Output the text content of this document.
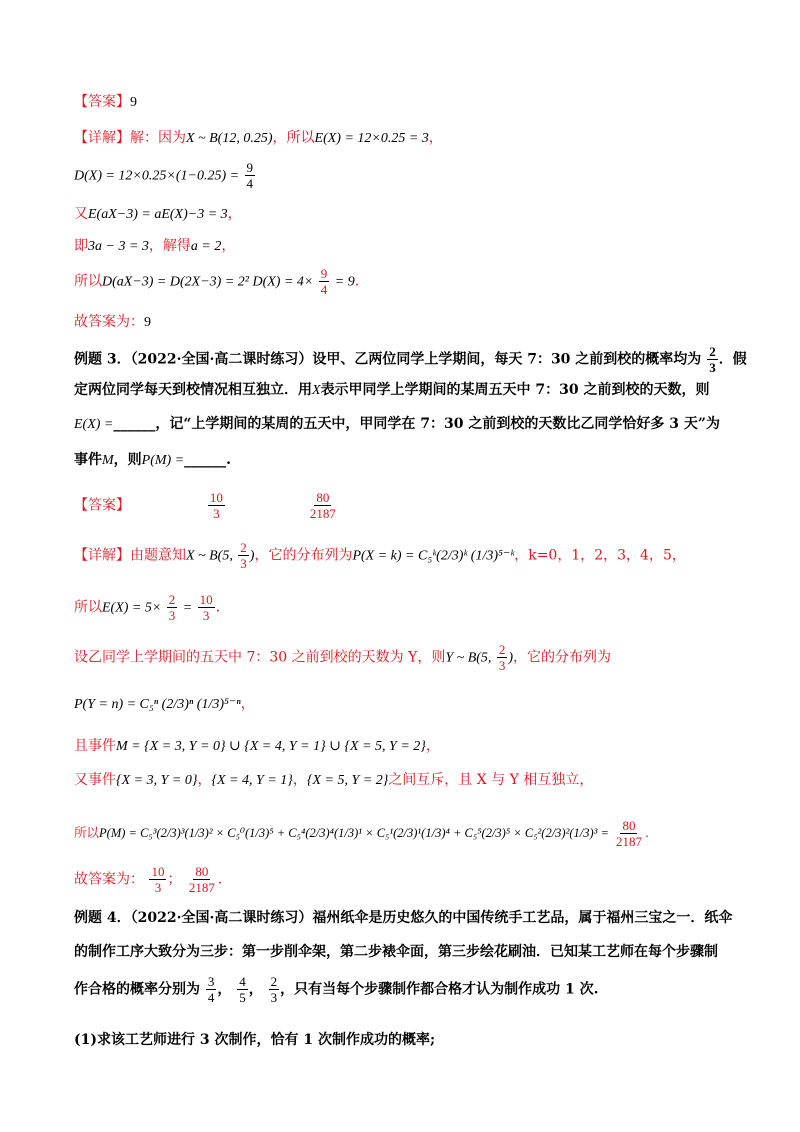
【答案】9
【详解】解：因为X ~ B(12, 0.25)，所以E(X) = 12×0.25 = 3，
$D(X) = 12\times 0.25\times(1-0.25) = \frac{9}{4}$
又E(aX−3) = aE(X)−3 = 3，
即3a − 3 = 3，解得a = 2，
所以D(aX−3) = D(2X−3) = 2² $D(X) = 4\times \frac{9}{4} = 9$.
故答案为：9
例题 3．（2022·全国·高二课时练习）设甲、乙两位同学上学期间，每天 7：30 之前到校的概率均为 $\frac{2}{3}$ ．假
定两位同学每天到校情况相互独立．用X表示甲同学上学期间的某周五天中 7：30 之前到校的天数，则
E(X) =______，记“上学期间的某周的五天中，甲同学在 7：30 之前到校的天数比乙同学恰好多 3 天”为
事件M，则P(M) =______.
【答案】	$\frac{10}{3}$
	$\frac{80}{2187}$
【详解】由题意知X ~ B(5, $\frac{2}{3}$ )，它的分布列为P(X = k) = C₅ᵏ(2/3)ᵏ (1/3)⁵⁻ᵏ，k=0，1，2，3，4，5，
所以$E(X) = 5\times \frac{2}{3} = \frac{10}{3}$ .
设乙同学上学期间的五天中 7：30 之前到校的天数为 Y，则Y ~ B(5, $\frac{2}{3}$ )，它的分布列为
P(Y = n) = C₅ⁿ (2/3)ⁿ (1/3)⁵⁻ⁿ，
且事件M = {X = 3, Y = 0} ∪ {X = 4, Y = 1} ∪ {X = 5, Y = 2}，
又事件{X = 3, Y = 0}，{X = 4, Y = 1}，{X = 5, Y = 2}之间互斥，且 X 与 Y 相互独立，
所以$P(M) = C_5^3(2/3)^3(1/3)^2 \times C_5^0(1/3)^5 + C_5^4(2/3)^4(1/3)^1 \times C_5^1(2/3)^1(1/3)^4 + C_5^5(2/3)^5 \times C_5^2(2/3)^2(1/3)^3 = \frac{80}{2187}$ .
故答案为： $\frac{10}{3}$ ； $\frac{80}{2187}$ .
例题 4．（2022·全国·高二课时练习）福州纸伞是历史悠久的中国传统手工艺品，属于福州三宝之一．纸伞
的制作工序大致分为三步：第一步削伞架，第二步裱伞面，第三步绘花刷油．已知某工艺师在每个步骤制
作合格的概率分别为 $\frac{3}{4}$ ， $\frac{4}{5}$ ， $\frac{2}{3}$ ，只有当每个步骤制作都合格才认为制作成功 1 次.
(1)求该工艺师进行 3 次制作，恰有 1 次制作成功的概率;
